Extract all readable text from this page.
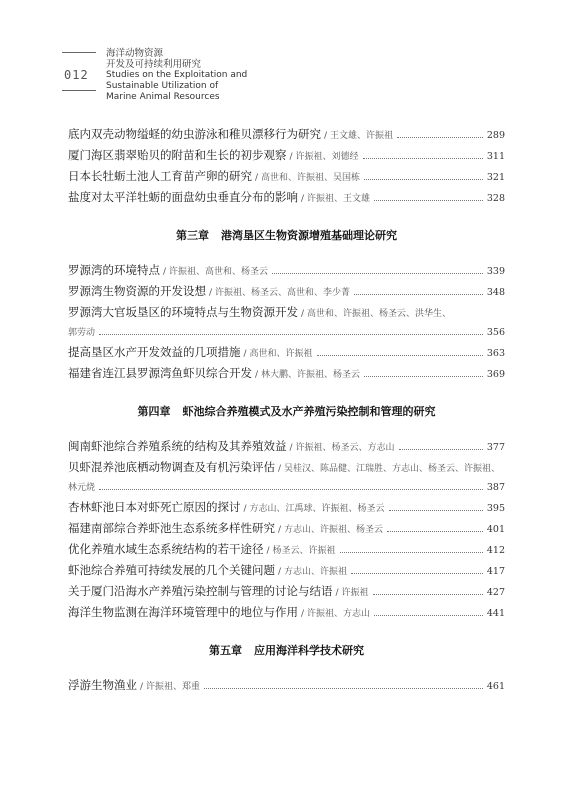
012
海洋动物资源
开发及可持续利用研究
Studies on the Exploitation and
Sustainable Utilization of
Marine Animal Resources
底内双壳动物缢蛏的幼虫游泳和稚贝漂移行为研究 / 王文雄、许振祖	289
厦门海区翡翠贻贝的附苗和生长的初步观察 / 许振祖、刘德经	311
日本长牡蛎土池人工育苗产卵的研究 / 高世和、许振祖、吴国栋	321
盐度对太平洋牡蛎的面盘幼虫垂直分布的影响 / 许振祖、王文雄	328
第三章 港湾垦区生物资源增殖基础理论研究
罗源湾的环境特点 / 许振祖、高世和、杨圣云	339
罗源湾生物资源的开发设想 / 许振祖、杨圣云、高世和、李少菁	348
罗源湾大官坂垦区的环境特点与生物资源开发 / 高世和、许振祖、杨圣云、洪华生、
郭劳动	356
提高垦区水产开发效益的几项措施 / 高世和、许振祖	363
福建省连江县罗源湾鱼虾贝综合开发 / 林大鹏、许振祖、杨圣云	369
第四章 虾池综合养殖模式及水产养殖污染控制和管理的研究
闽南虾池综合养殖系统的结构及其养殖效益 / 许振祖、杨圣云、方志山	377
贝虾混养池底栖动物调查及有机污染评估 / 吴桂汉、陈品健、江瑞胜、方志山、杨圣云、许振祖、
林元烧	387
杏林虾池日本对虾死亡原因的探讨 / 方志山、江禹球、许振祖、杨圣云	395
福建南部综合养虾池生态系统多样性研究 / 方志山、许振祖、杨圣云	401
优化养殖水域生态系统结构的若干途径 / 杨圣云、许振祖	412
虾池综合养殖可持续发展的几个关键问题 / 方志山、许振祖	417
关于厦门沿海水产养殖污染控制与管理的讨论与结语 / 许振祖	427
海洋生物监测在海洋环境管理中的地位与作用 / 许振祖、方志山	441
第五章 应用海洋科学技术研究
浮游生物渔业 / 许振祖、郑重	461
